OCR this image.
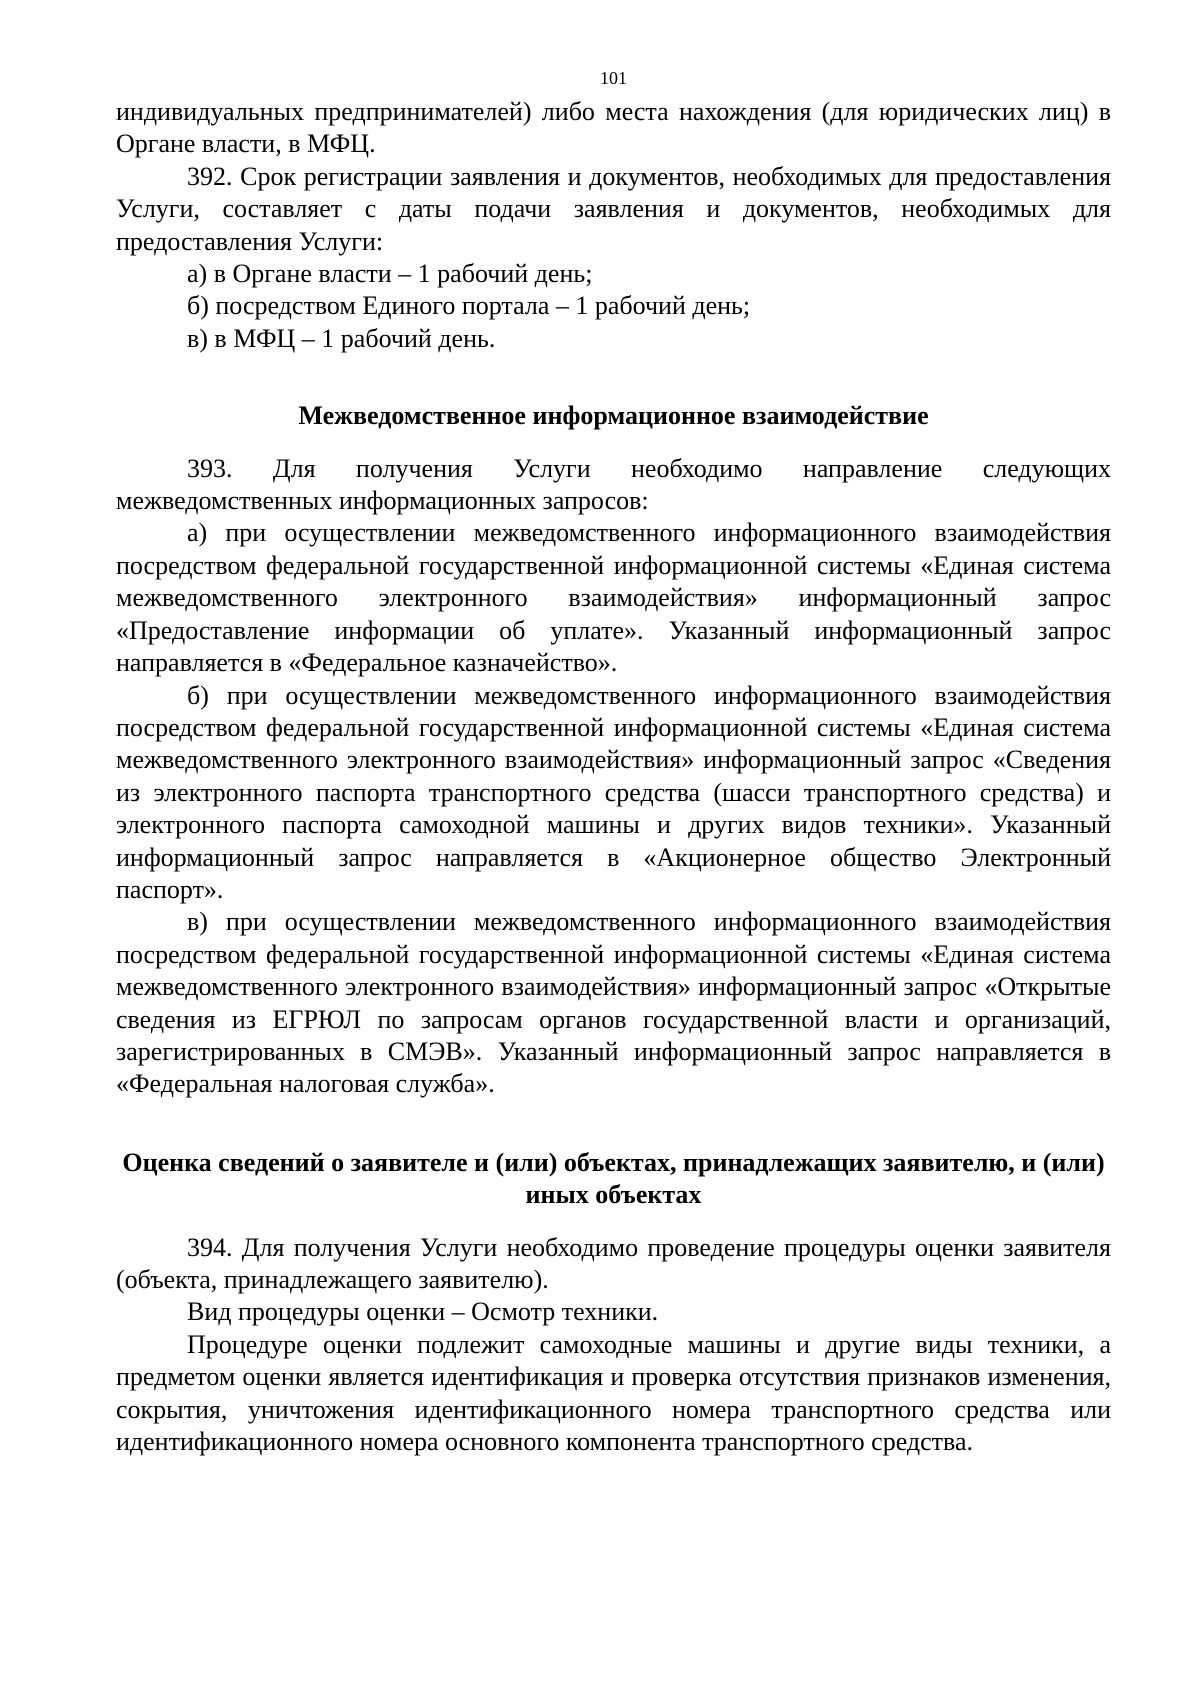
101

индивидуальных предпринимателей) либо места нахождения (для юридических лиц) в Органе власти, в МФЦ.

392. Срок регистрации заявления и документов, необходимых для предоставления Услуги, составляет с даты подачи заявления и документов, необходимых для предоставления Услуги:

а) в Органе власти – 1 рабочий день;

б) посредством Единого портала – 1 рабочий день;

в) в МФЦ – 1 рабочий день.

Межведомственное информационное взаимодействие

393. Для получения Услуги необходимо направление следующих межведомственных информационных запросов:

а) при осуществлении межведомственного информационного взаимодействия посредством федеральной государственной информационной системы «Единая система межведомственного электронного взаимодействия» информационный запрос «Предоставление информации об уплате». Указанный информационный запрос направляется в «Федеральное казначейство».

б) при осуществлении межведомственного информационного взаимодействия посредством федеральной государственной информационной системы «Единая система межведомственного электронного взаимодействия» информационный запрос «Сведения из электронного паспорта транспортного средства (шасси транспортного средства) и электронного паспорта самоходной машины и других видов техники». Указанный информационный запрос направляется в «Акционерное общество Электронный паспорт».

в) при осуществлении межведомственного информационного взаимодействия посредством федеральной государственной информационной системы «Единая система межведомственного электронного взаимодействия» информационный запрос «Открытые сведения из ЕГРЮЛ по запросам органов государственной власти и организаций, зарегистрированных в СМЭВ». Указанный информационный запрос направляется в «Федеральная налоговая служба».

Оценка сведений о заявителе и (или) объектах, принадлежащих заявителю, и (или) иных объектах

394. Для получения Услуги необходимо проведение процедуры оценки заявителя (объекта, принадлежащего заявителю).

Вид процедуры оценки – Осмотр техники.

Процедуре оценки подлежит самоходные машины и другие виды техники, а предметом оценки является идентификация и проверка отсутствия признаков изменения, сокрытия, уничтожения идентификационного номера транспортного средства или идентификационного номера основного компонента транспортного средства.
